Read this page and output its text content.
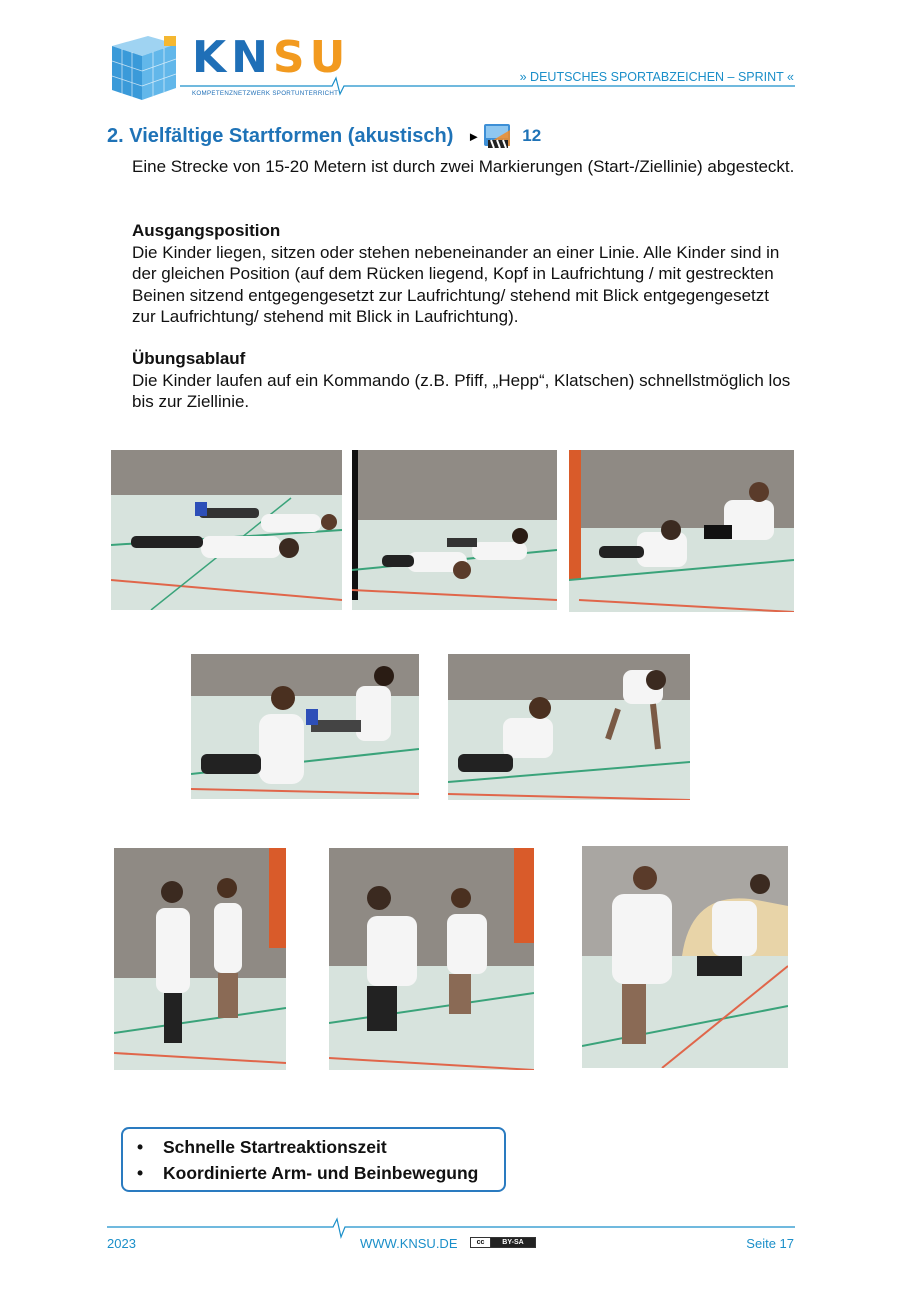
KNSU
KOMPETENZNETZWERK SPORTUNTERRICHT
» DEUTSCHES SPORTABZEICHEN – SPRINT «
2. Vielfältige Startformen (akustisch) ► 12
Eine Strecke von 15-20 Metern ist durch zwei Markierungen (Start-/Ziellinie) abgesteckt.
Ausgangsposition
Die Kinder liegen, sitzen oder stehen nebeneinander an einer Linie. Alle Kinder sind in der gleichen Position (auf dem Rücken liegend, Kopf in Laufrichtung / mit gestreckten Beinen sitzend entgegengesetzt zur Laufrichtung/ stehend mit Blick entgegengesetzt zur Laufrichtung/ stehend mit Blick in Laufrichtung).
Übungsablauf
Die Kinder laufen auf ein Kommando (z.B. Pfiff, „Hepp“, Klatschen) schnellstmöglich los bis zur Ziellinie.
• Schnelle Startreaktionszeit
• Koordinierte Arm- und Beinbewegung
2023	WWW.KNSU.DE	cc	BY-SA	Seite 17
